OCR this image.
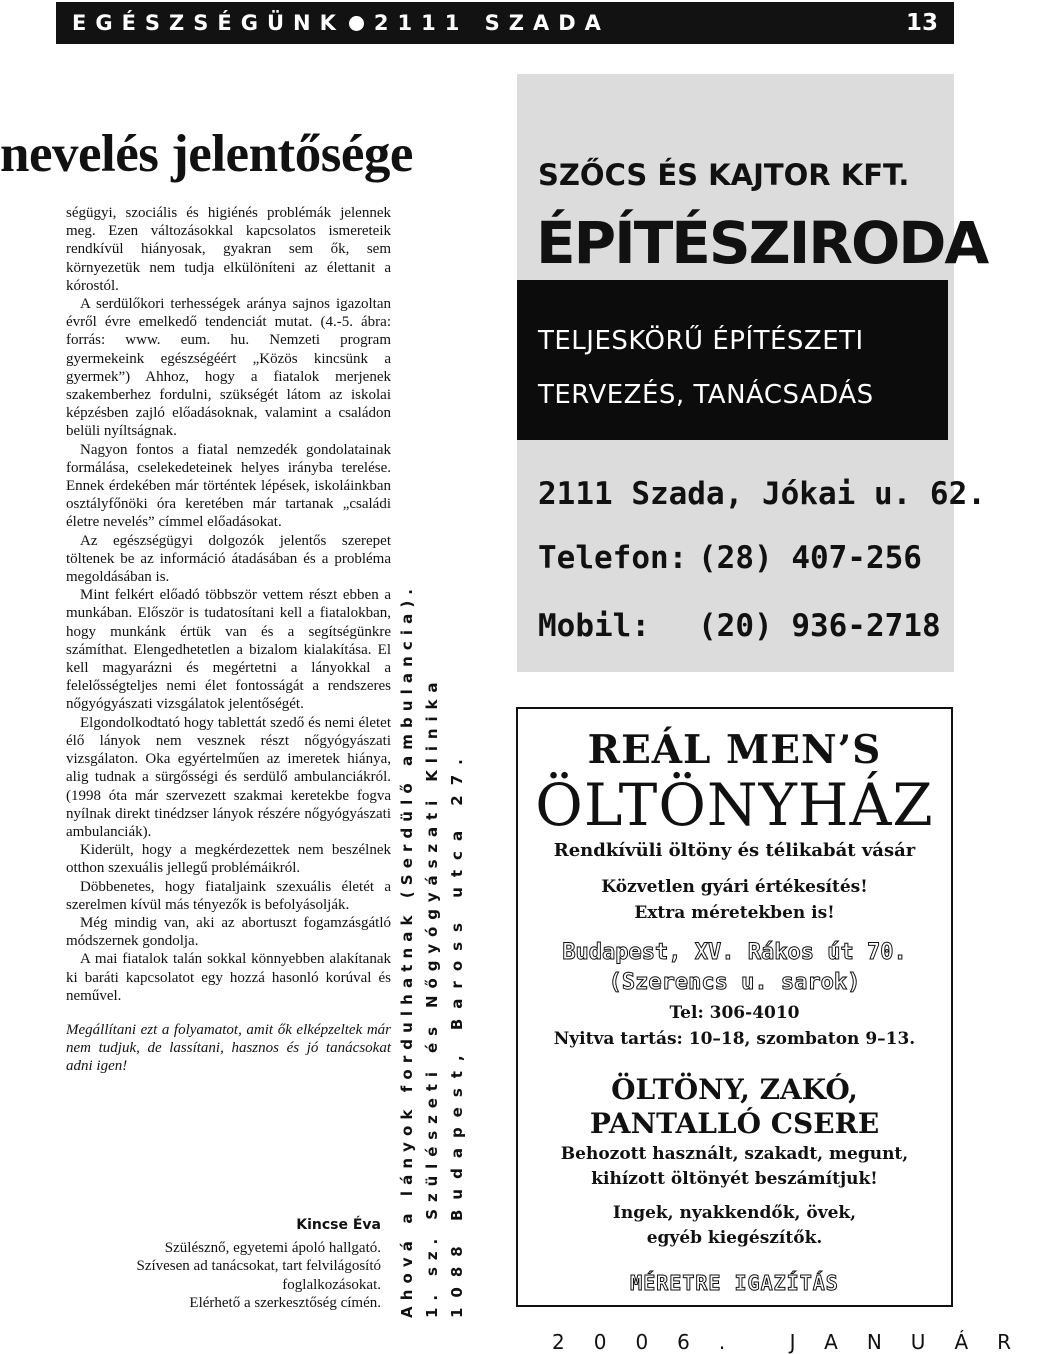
EGÉSZSÉGÜNK 2111 SZADA	13
nevelés jelentősége

ségügyi, szociális és higiénés problémák jelennek meg. Ezen változásokkal kapcsolatos ismereteik rendkívül hiányosak, gyakran sem ők, sem környezetük nem tudja elkülöníteni az élettanit a kórostól.

A serdülőkori terhességek aránya sajnos igazoltan évről évre emelkedő tendenciát mutat. (4.-5. ábra: forrás: www. eum. hu. Nemzeti program gyermekeink egészségéért „Közös kincsünk a gyermek”) Ahhoz, hogy a fiatalok merjenek szakemberhez fordulni, szükségét látom az iskolai képzésben zajló előadásoknak, valamint a családon belüli nyíltságnak.

Nagyon fontos a fiatal nemzedék gondolatainak formálása, cselekedeteinek helyes irányba terelése. Ennek érdekében már történtek lépések, iskoláinkban osztályfőnöki óra keretében már tartanak „családi életre nevelés” címmel előadásokat.

Az egészségügyi dolgozók jelentős szerepet töltenek be az információ átadásában és a probléma megoldásában is.

Mint felkért előadó többször vettem részt ebben a munkában. Először is tudatosítani kell a fiatalokban, hogy munkánk értük van és a segítségünkre számíthat. Elengedhetetlen a bizalom kialakítása. El kell magyarázni és megértetni a lányokkal a felelősségteljes nemi élet fontosságát a rendszeres nőgyógyászati vizsgálatok jelentőségét.

Elgondolkodtató hogy tablettát szedő és nemi életet élő lányok nem vesznek részt nőgyógyászati vizsgálaton. Oka egyértelműen az imeretek hiánya, alig tudnak a sürgősségi és serdülő ambulanciákról.(1998 óta már szervezett szakmai keretekbe fogva nyílnak direkt tinédzser lányok részére nőgyógyászati ambulanciák).

Kiderült, hogy a megkérdezettek nem beszélnek otthon szexuális jellegű problémáikról.

Döbbenetes, hogy fiataljaink szexuális életét a szerelmen kívül más tényezők is befolyásolják.

Még mindig van, aki az abortuszt fogamzásgátló módszernek gondolja.

A mai fiatalok talán sokkal könnyebben alakítanak ki baráti kapcsolatot egy hozzá hasonló korúval és neművel.

Megállítani ezt a folyamatot, amit ők elképzeltek már nem tudjuk, de lassítani, hasznos és jó tanácsokat adni igen!

Kincse Éva
Szülésznő, egyetemi ápoló hallgató.
Szívesen ad tanácsokat, tart felvilágosító foglalkozásokat.
Elérhető a szerkesztőség címén. Ahová a lányok fordulhatnak (Serdülő ambulancia). 1. sz. Szülészeti és Nőgyógyászati Klinika 1088 Budapest, Baross utca 27.
SZŐCS ÉS KAJTOR KFT.
TELJESKÖRŰ ÉPÍTÉSZETI
TERVEZÉS, TANÁCSADÁS
ÉPÍTÉSZIRODA
2111 Szada, Jókai u. 62.
Telefon: (28) 407-256
Mobil: (20) 936-2718
REÁL MEN’S
ÖLTÖNYHÁZ
Rendkívüli öltöny és télikabát vásár
Közvetlen gyári értékesítés!
Extra méretekben is!
Budapest, XV. Rákos út 70.
(Szerencs u. sarok)
Tel: 306-4010
Nyitva tartás: 10–18, szombaton 9–13.
ÖLTÖNY, ZAKÓ,
PANTALLÓ CSERE
Behozott használt, szakadt, megunt,
kihízott öltönyét beszámítjuk!
Ingek, nyakkendők, övek,
egyéb kiegészítők.
MÉRETRE IGAZÍTÁS
2006. JANUÁR
